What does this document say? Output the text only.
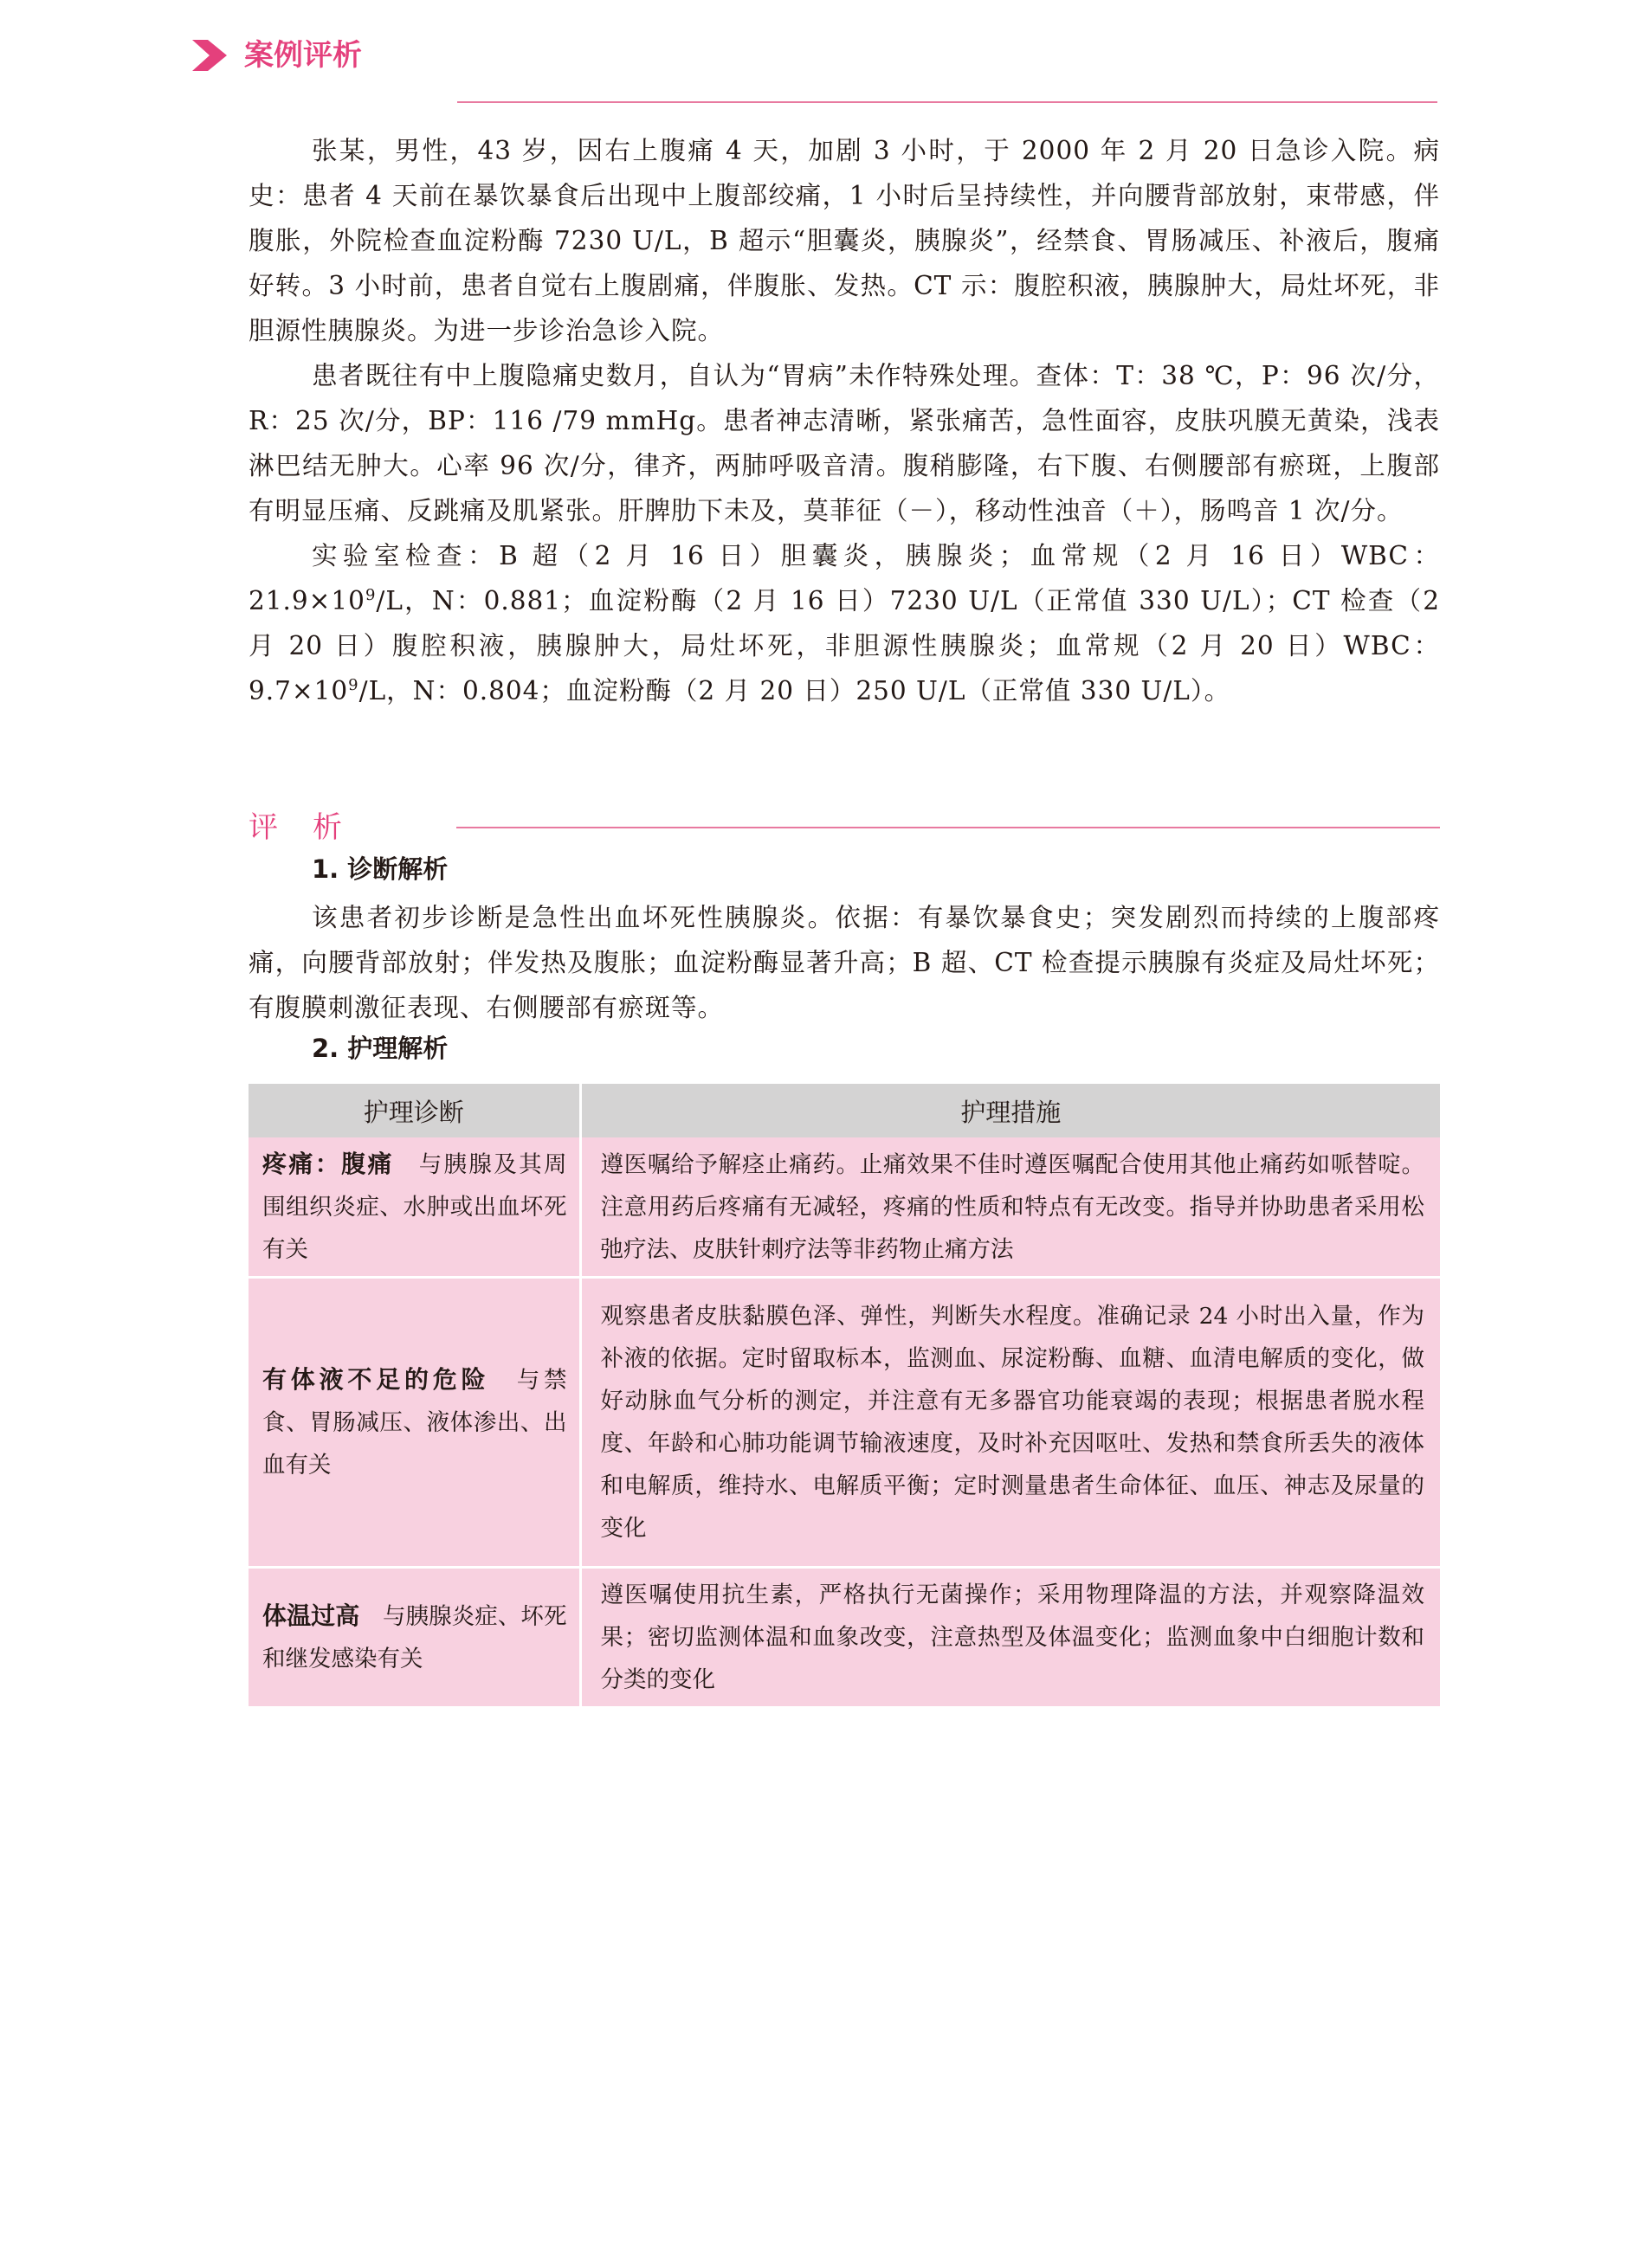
案例评析

张某，男性，43 岁，因右上腹痛 4 天，加剧 3 小时，于 2000 年 2 月 20 日急诊入院。病史：患者 4 天前在暴饮暴食后出现中上腹部绞痛，1 小时后呈持续性，并向腰背部放射，束带感，伴腹胀，外院检查血淀粉酶 7230 U/L，B 超示“胆囊炎，胰腺炎”，经禁食、胃肠减压、补液后，腹痛好转。3 小时前，患者自觉右上腹剧痛，伴腹胀、发热。CT 示：腹腔积液，胰腺肿大，局灶坏死，非胆源性胰腺炎。为进一步诊治急诊入院。

患者既往有中上腹隐痛史数月，自认为“胃病”未作特殊处理。查体：T：38 ℃，P：96 次/分，R：25 次/分，BP：116 /79 mmHg。患者神志清晰，紧张痛苦，急性面容，皮肤巩膜无黄染，浅表淋巴结无肿大。心率 96 次/分，律齐，两肺呼吸音清。腹稍膨隆，右下腹、右侧腰部有瘀斑，上腹部有明显压痛、反跳痛及肌紧张。肝脾肋下未及，莫菲征（－），移动性浊音（＋），肠鸣音 1 次/分。

实验室检查：B 超（2 月 16 日）胆囊炎，胰腺炎；血常规（2 月 16 日）WBC：$21.9\times 10^9/L$，N：0.881；血淀粉酶（2 月 16 日）7230 U/L（正常值 330 U/L）；CT 检查（2 月 20 日）腹腔积液，胰腺肿大，局灶坏死，非胆源性胰腺炎；血常规（2 月 20 日）WBC：$9.7\times 10^9/L$，N：0.804；血淀粉酶（2 月 20 日）250 U/L（正常值 330 U/L）。

评析
1. 诊断解析

该患者初步诊断是急性出血坏死性胰腺炎。依据：有暴饮暴食史；突发剧烈而持续的上腹部疼痛，向腰背部放射；伴发热及腹胀；血淀粉酶显著升高；B 超、CT 检查提示胰腺有炎症及局灶坏死；有腹膜刺激征表现、右侧腰部有瘀斑等。

2. 护理解析
护理诊断	护理措施
疼痛：腹痛　 与胰腺及其周围组织炎症、水肿或出血坏死有关	遵医嘱给予解痉止痛药。止痛效果不佳时遵医嘱配合使用其他止痛药如哌替啶。注意用药后疼痛有无减轻，疼痛的性质和特点有无改变。指导并协助患者采用松弛疗法、皮肤针刺疗法等非药物止痛方法
有体液不足的危险　 与禁食、胃肠减压、液体渗出、出血有关	观察患者皮肤黏膜色泽、弹性，判断失水程度。准确记录 24 小时出入量，作为补液的依据。定时留取标本，监测血、尿淀粉酶、血糖、血清电解质的变化，做好动脉血气分析的测定，并注意有无多器官功能衰竭的表现；根据患者脱水程度、年龄和心肺功能调节输液速度，及时补充因呕吐、发热和禁食所丢失的液体和电解质，维持水、电解质平衡；定时测量患者生命体征、血压、神志及尿量的变化
体温过高　 与胰腺炎症、坏死和继发感染有关	遵医嘱使用抗生素，严格执行无菌操作；采用物理降温的方法，并观察降温效果；密切监测体温和血象改变，注意热型及体温变化；监测血象中白细胞计数和分类的变化
